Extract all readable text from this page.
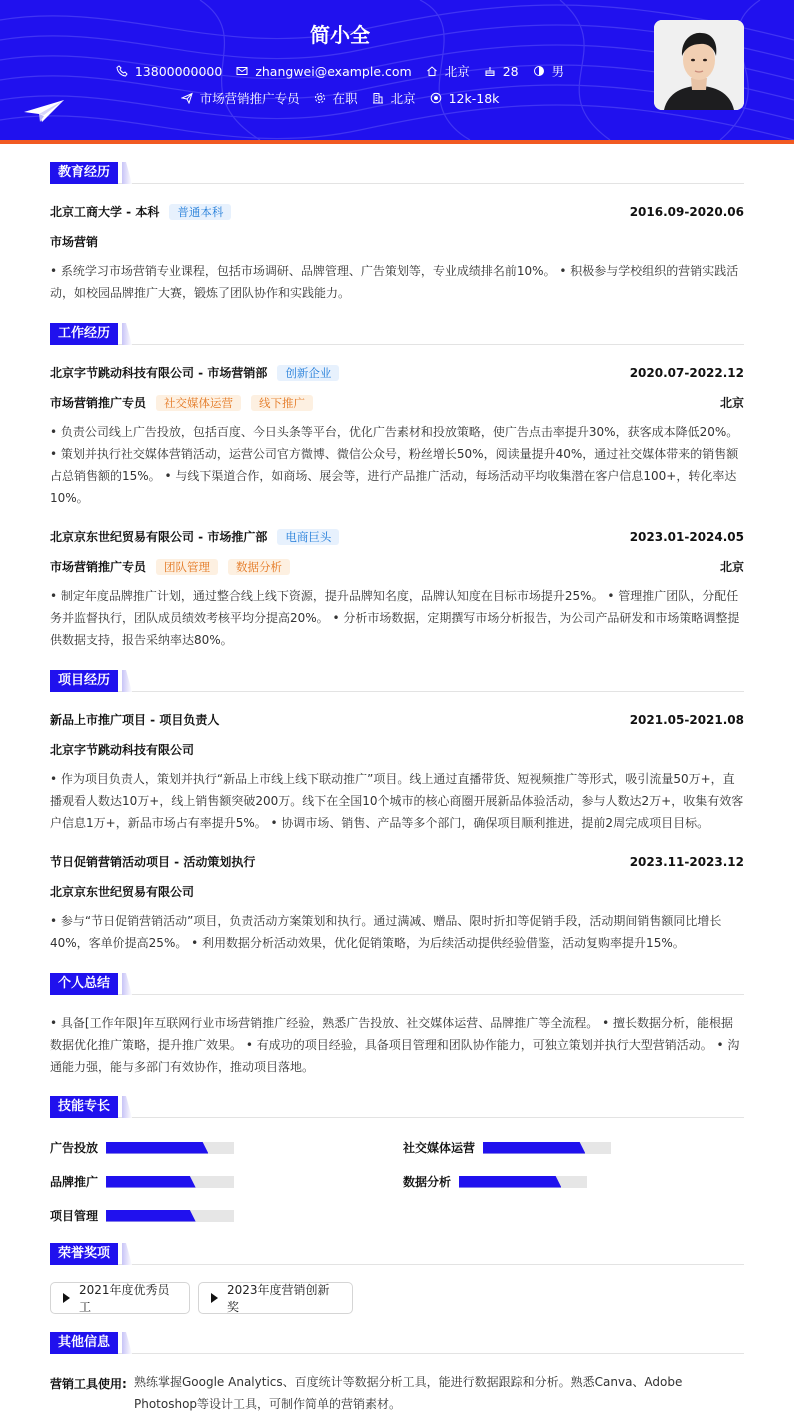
简小全
13800000000	zhangwei@example.com	北京	28	男
市场营销推广专员	在职	北京	12k-18k
教育经历
北京工商大学 - 本科	普通本科	2016.09-2020.06
市场营销
• 系统学习市场营销专业课程，包括市场调研、品牌管理、广告策划等，专业成绩排名前10%。 • 积极参与学校组织的营销实践活动，如校园品牌推广大赛，锻炼了团队协作和实践能力。
工作经历
北京字节跳动科技有限公司 - 市场营销部	创新企业	2020.07-2022.12
市场营销推广专员	社交媒体运营	线下推广	北京
• 负责公司线上广告投放，包括百度、今日头条等平台，优化广告素材和投放策略，使广告点击率提升30%，获客成本降低20%。 • 策划并执行社交媒体营销活动，运营公司官方微博、微信公众号，粉丝增长50%，阅读量提升40%，通过社交媒体带来的销售额占总销售额的15%。 • 与线下渠道合作，如商场、展会等，进行产品推广活动，每场活动平均收集潜在客户信息100+，转化率达10%。
北京京东世纪贸易有限公司 - 市场推广部	电商巨头	2023.01-2024.05
市场营销推广专员	团队管理	数据分析	北京
• 制定年度品牌推广计划，通过整合线上线下资源，提升品牌知名度，品牌认知度在目标市场提升25%。 • 管理推广团队，分配任务并监督执行，团队成员绩效考核平均分提高20%。 • 分析市场数据，定期撰写市场分析报告，为公司产品研发和市场策略调整提供数据支持，报告采纳率达80%。
项目经历
新品上市推广项目 - 项目负责人	2021.05-2021.08
北京字节跳动科技有限公司
• 作为项目负责人，策划并执行“新品上市线上线下联动推广”项目。线上通过直播带货、短视频推广等形式，吸引流量50万+，直播观看人数达10万+，线上销售额突破200万。线下在全国10个城市的核心商圈开展新品体验活动，参与人数达2万+，收集有效客户信息1万+，新品市场占有率提升5%。 • 协调市场、销售、产品等多个部门，确保项目顺利推进，提前2周完成项目目标。
节日促销营销活动项目 - 活动策划执行	2023.11-2023.12
北京京东世纪贸易有限公司
• 参与“节日促销营销活动”项目，负责活动方案策划和执行。通过满减、赠品、限时折扣等促销手段，活动期间销售额同比增长40%，客单价提高25%。 • 利用数据分析活动效果，优化促销策略，为后续活动提供经验借鉴，活动复购率提升15%。
个人总结
• 具备[工作年限]年互联网行业市场营销推广经验，熟悉广告投放、社交媒体运营、品牌推广等全流程。 • 擅长数据分析，能根据数据优化推广策略，提升推广效果。 • 有成功的项目经验，具备项目管理和团队协作能力，可独立策划并执行大型营销活动。 • 沟通能力强，能与多部门有效协作，推动项目落地。
技能专长
广告投放	社交媒体运营
品牌推广	数据分析
项目管理
荣誉奖项
2021年度优秀员工
2023年度营销创新奖
其他信息
营销工具使用: 熟练掌握Google Analytics、百度统计等数据分析工具，能进行数据跟踪和分析。熟悉Canva、Adobe Photoshop等设计工具，可制作简单的营销素材。
